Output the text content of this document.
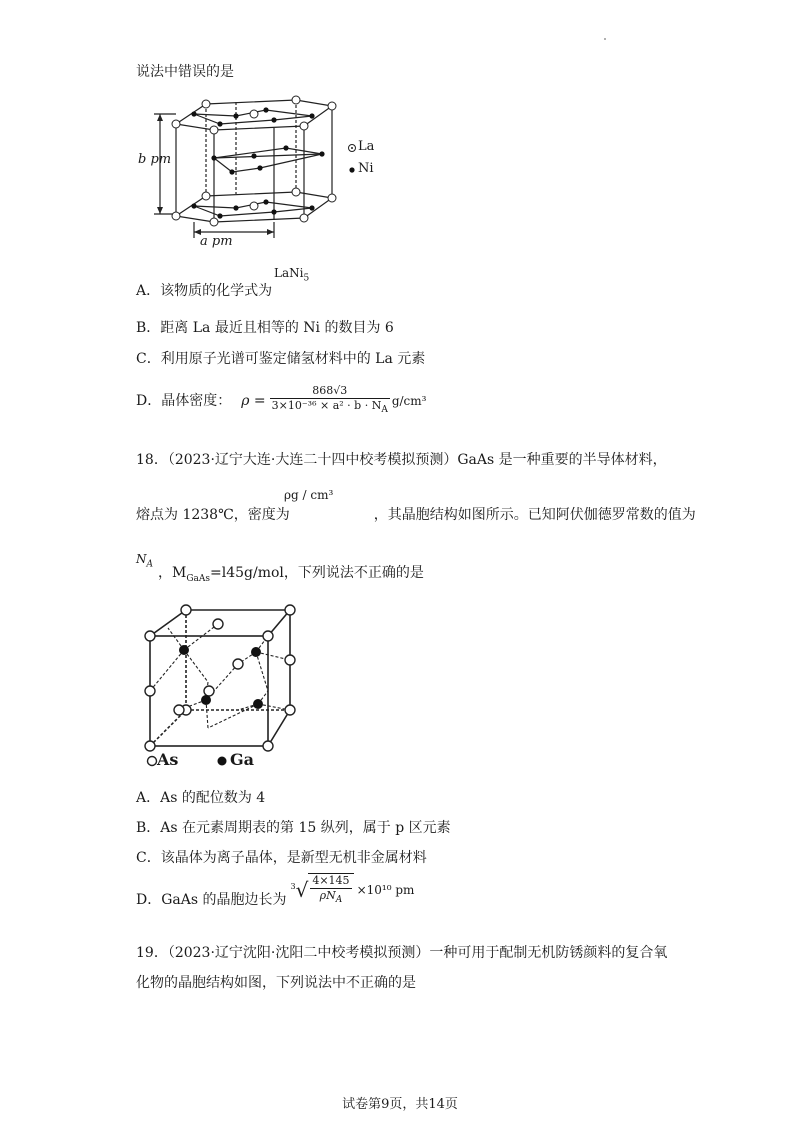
说法中错误的是
b pm
a pm
La
Ni
A．该物质的化学式为
LaNi$_5$
B．距离 La 最近且相等的 Ni 的数目为 6
C．利用原子光谱可鉴定储氢材料中的 La 元素
D．晶体密度： $\rho = \frac{868√3}{3\times 10^{-36} \times a^2 \cdot b \cdot N_A} g/cm^3$
18．（2023·辽宁大连·大连二十四中校考模拟预测）GaAs 是一种重要的半导体材料，
熔点为 1238℃，密度为	，其晶胞结构如图所示。已知阿伏伽德罗常数的值为
ρg / cm³
$N_A$
，$M_{GaAs}=l45g$/mol，下列说法不正确的是
As	Ga
A．As 的配位数为 4
B．As 在元素周期表的第 15 纵列，属于 p 区元素
C．该晶体为离子晶体，是新型无机非金属材料
D．GaAs 的晶胞边长为
3 √ $\frac{4\times 145}{\rho N_A} \times 10^{10}$ pm
19．（2023·辽宁沈阳·沈阳二中校考模拟预测）一种可用于配制无机防锈颜料的复合氧
化物的晶胞结构如图，下列说法中不正确的是
试卷第9页，共14页
